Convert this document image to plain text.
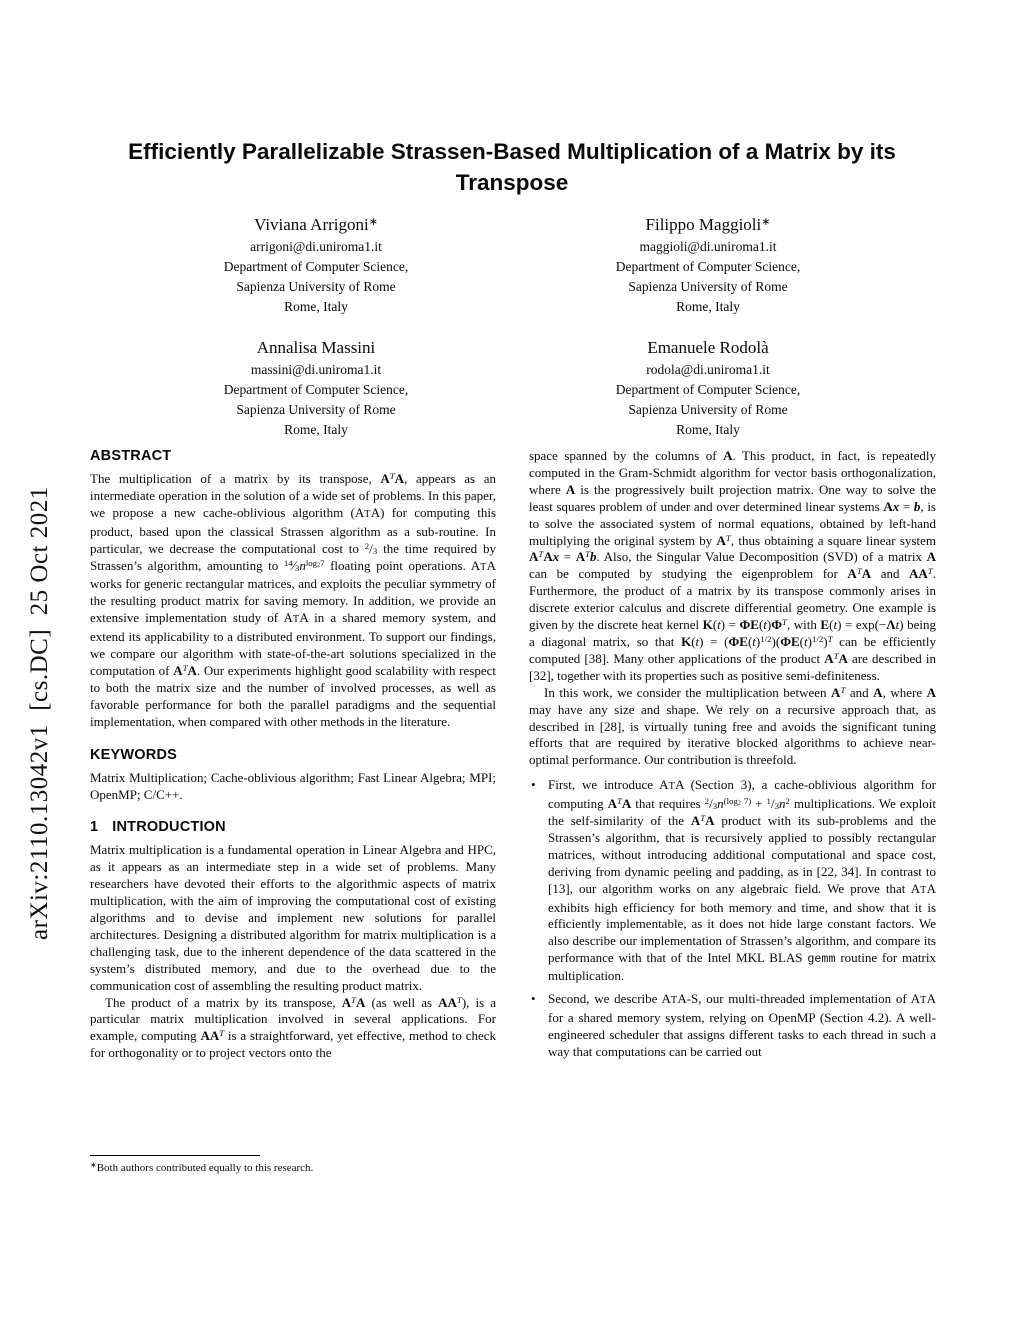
arXiv:2110.13042v1  [cs.DC]  25 Oct 2021
Efficiently Parallelizable Strassen-Based Multiplication of a Matrix by its Transpose
Viviana Arrigoni∗
arrigoni@di.uniroma1.it
Department of Computer Science,
Sapienza University of Rome
Rome, Italy
Filippo Maggioli∗
maggioli@di.uniroma1.it
Department of Computer Science,
Sapienza University of Rome
Rome, Italy
Annalisa Massini
massini@di.uniroma1.it
Department of Computer Science,
Sapienza University of Rome
Rome, Italy
Emanuele Rodolà
rodola@di.uniroma1.it
Department of Computer Science,
Sapienza University of Rome
Rome, Italy
ABSTRACT

The multiplication of a matrix by its transpose, $A^TA$, appears as an intermediate operation in the solution of a wide set of problems. In this paper, we propose a new cache-oblivious algorithm (ATA) for computing this product, based upon the classical Strassen algorithm as a sub-routine. In particular, we decrease the computational cost to $^2/_3$ the time required by Strassen’s algorithm, amounting to $^{14}⁄_3n^{log_27}$ floating point operations. ATA works for generic rectangular matrices, and exploits the peculiar symmetry of the resulting product matrix for saving memory. In addition, we provide an extensive implementation study of ATA in a shared memory system, and extend its applicability to a distributed environment. To support our findings, we compare our algorithm with state-of-the-art solutions specialized in the computation of $A^TA$. Our experiments highlight good scalability with respect to both the matrix size and the number of involved processes, as well as favorable performance for both the parallel paradigms and the sequential implementation, when compared with other methods in the literature.

KEYWORDS

Matrix Multiplication; Cache-oblivious algorithm; Fast Linear Algebra; MPI; OpenMP; C/C++.

1 INTRODUCTION

Matrix multiplication is a fundamental operation in Linear Algebra and HPC, as it appears as an intermediate step in a wide set of problems. Many researchers have devoted their efforts to the algorithmic aspects of matrix multiplication, with the aim of improving the computational cost of existing algorithms and to devise and implement new solutions for parallel architectures. Designing a distributed algorithm for matrix multiplication is a challenging task, due to the inherent dependence of the data scattered in the system’s distributed memory, and due to the overhead due to the communication cost of assembling the resulting product matrix.

The product of a matrix by its transpose, $A^TA$ (as well as $AA^T$), is a particular matrix multiplication involved in several applications. For example, computing $AA^T$ is a straightforward, yet effective, method to check for orthogonality or to project vectors onto the

space spanned by the columns of A. This product, in fact, is repeatedly computed in the Gram-Schmidt algorithm for vector basis orthogonalization, where A is the progressively built projection matrix. One way to solve the least squares problem of under and over determined linear systems Ax = b, is to solve the associated system of normal equations, obtained by left-hand multiplying the original system by $A^T$, thus obtaining a square linear system $A^TAx = A^Tb$. Also, the Singular Value Decomposition (SVD) of a matrix A can be computed by studying the eigenproblem for $A^TA$ and $AA^T$. Furthermore, the product of a matrix by its transpose commonly arises in discrete exterior calculus and discrete differential geometry. One example is given by the discrete heat kernel $K(t) = \Phi E(t)\Phi^T$, with E(t) = exp(−Λt) being a diagonal matrix, so that $K(t) = (\Phi E(t)^{1/2})(\Phi E(t)^{1/2})^T$ can be efficiently computed [38]. Many other applications of the product $A^TA$ are described in [32], together with its properties such as positive semi-definiteness.

In this work, we consider the multiplication between $A^T$ and A, where A may have any size and shape. We rely on a recursive approach that, as described in [28], is virtually tuning free and avoids the significant tuning efforts that are required by iterative blocked algorithms to achieve near-optimal performance. Our contribution is threefold.

• First, we introduce ATA (Section 3), a cache-oblivious algorithm for computing $A^TA$ that requires $^2/_3n^{(log_2 7)} + ^1/_3n^2$ multiplications. We exploit the self-similarity of the $A^TA$ product with its sub-problems and the Strassen’s algorithm, that is recursively applied to possibly rectangular matrices, without introducing additional computational and space cost, deriving from dynamic peeling and padding, as in [22, 34]. In contrast to [13], our algorithm works on any algebraic field. We prove that ATA exhibits high efficiency for both memory and time, and show that it is efficiently implementable, as it does not hide large constant factors. We also describe our implementation of Strassen’s algorithm, and compare its performance with that of the Intel MKL BLAS gemm routine for matrix multiplication.

• Second, we describe ATA-S, our multi-threaded implementation of ATA for a shared memory system, relying on OpenMP (Section 4.2). A well-engineered scheduler that assigns different tasks to each thread in such a way that computations can be carried out

∗Both authors contributed equally to this research.
